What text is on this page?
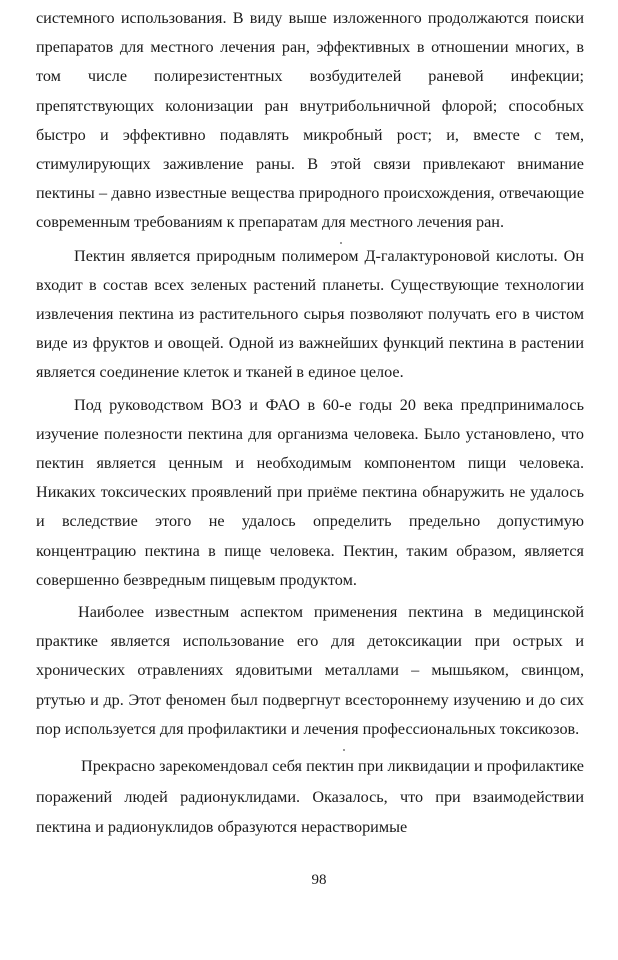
системного использования. В виду выше изложенного продолжаются поиски препаратов для местного лечения ран, эффективных в отношении многих, в том числе полирезистентных возбудителей раневой инфекции; препятствующих колонизации ран внутрибольничной флорой; способных быстро и эффективно подавлять микробный рост; и, вместе с тем, стимулирующих заживление раны. В этой связи привлекают внимание пектины – давно известные вещества природного происхождения, отвечающие современным требованиям к препаратам для местного лечения ран.

Пектин является природным полимером Д-галактуроновой кислоты. Он входит в состав всех зеленых растений планеты. Существующие технологии извлечения пектина из растительного сырья позволяют получать его в чистом виде из фруктов и овощей. Одной из важнейших функций пектина в растении является соединение клеток и тканей в единое целое.

Под руководством ВОЗ и ФАО в 60-е годы 20 века предпринималось изучение полезности пектина для организма человека. Было установлено, что пектин является ценным и необходимым компонентом пищи человека. Никаких токсических проявлений при приёме пектина обнаружить не удалось и вследствие этого не удалось определить предельно допустимую концентрацию пектина в пище человека. Пектин, таким образом, является совершенно безвредным пищевым продуктом.

Наиболее известным аспектом применения пектина в медицинской практике является использование его для детоксикации при острых и хронических отравлениях ядовитыми металлами – мышьяком, свинцом, ртутью и др. Этот феномен был подвергнут всестороннему изучению и до сих пор используется для профилактики и лечения профессиональных токсикозов.

Прекрасно зарекомендовал себя пектин при ликвидации и профилактике поражений людей радионуклидами. Оказалось, что при взаимодействии пектина и радионуклидов образуются нерастворимые

98
